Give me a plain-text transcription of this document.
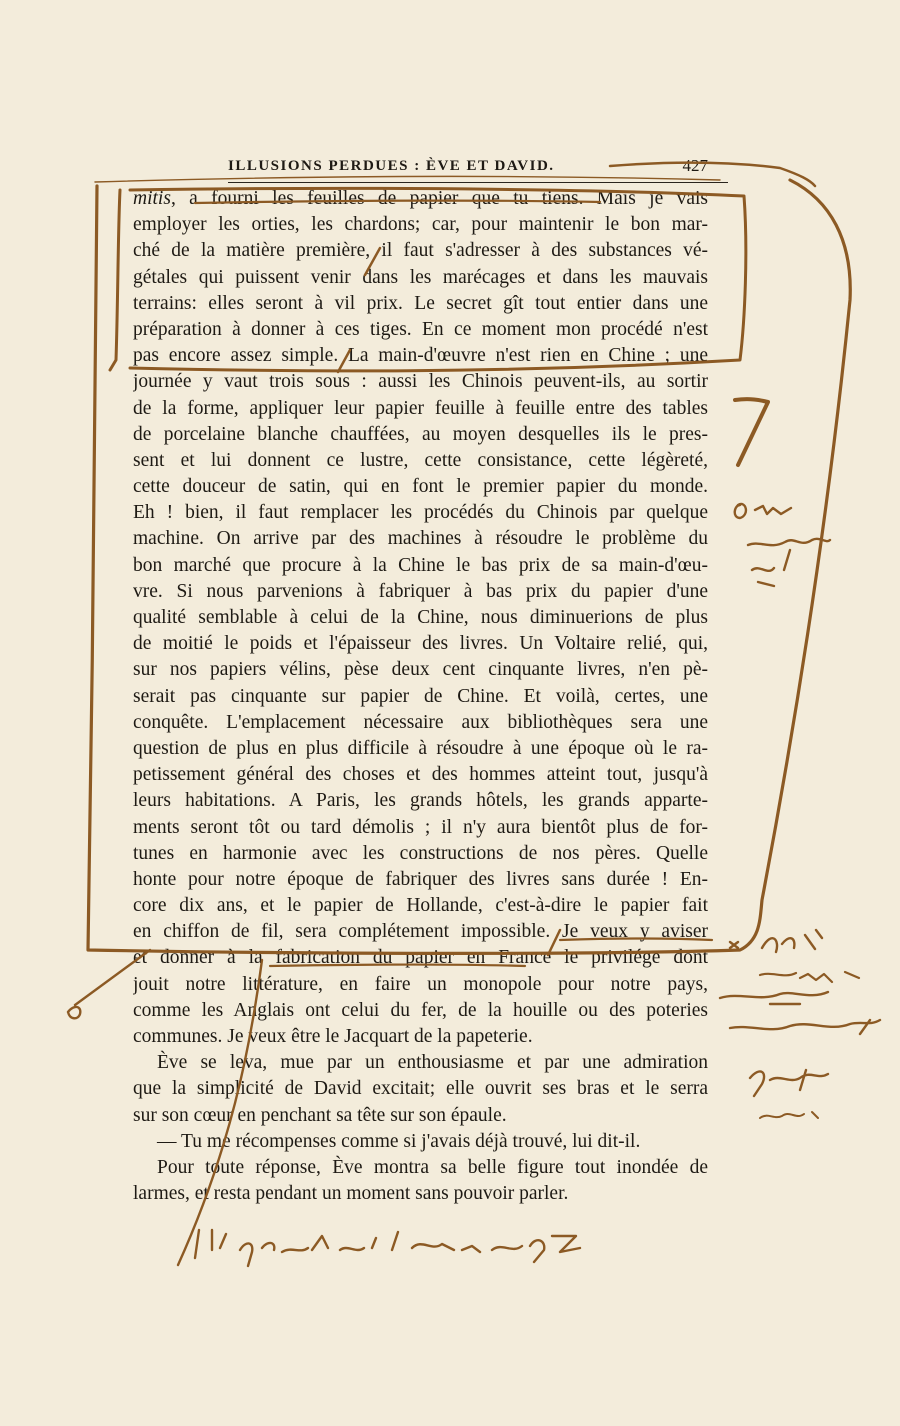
ILLUSIONS PERDUES : ÈVE ET DAVID.	427
mitis, a fourni les feuilles de papier que tu tiens. Mais je vais
employer les orties, les chardons; car, pour maintenir le bon mar-
ché de la matière première, il faut s'adresser à des substances vé-
gétales qui puissent venir dans les marécages et dans les mauvais
terrains: elles seront à vil prix. Le secret gît tout entier dans une
préparation à donner à ces tiges. En ce moment mon procédé n'est
pas encore assez simple. La main-d'œuvre n'est rien en Chine ; une
journée y vaut trois sous : aussi les Chinois peuvent-ils, au sortir
de la forme, appliquer leur papier feuille à feuille entre des tables
de porcelaine blanche chauffées, au moyen desquelles ils le pres-
sent et lui donnent ce lustre, cette consistance, cette légèreté,
cette douceur de satin, qui en font le premier papier du monde.
Eh ! bien, il faut remplacer les procédés du Chinois par quelque
machine. On arrive par des machines à résoudre le problème du
bon marché que procure à la Chine le bas prix de sa main-d'œu-
vre. Si nous parvenions à fabriquer à bas prix du papier d'une
qualité semblable à celui de la Chine, nous diminuerions de plus
de moitié le poids et l'épaisseur des livres. Un Voltaire relié, qui,
sur nos papiers vélins, pèse deux cent cinquante livres, n'en pè-
serait pas cinquante sur papier de Chine. Et voilà, certes, une
conquête. L'emplacement nécessaire aux bibliothèques sera une
question de plus en plus difficile à résoudre à une époque où le ra-
petissement général des choses et des hommes atteint tout, jusqu'à
leurs habitations. A Paris, les grands hôtels, les grands apparte-
ments seront tôt ou tard démolis ; il n'y aura bientôt plus de for-
tunes en harmonie avec les constructions de nos pères. Quelle
honte pour notre époque de fabriquer des livres sans durée ! En-
core dix ans, et le papier de Hollande, c'est-à-dire le papier fait
en chiffon de fil, sera complétement impossible. Je veux y aviser
et donner à la fabrication du papier en France le privilége dont
jouit notre littérature, en faire un monopole pour notre pays,
comme les Anglais ont celui du fer, de la houille ou des poteries
communes. Je veux être le Jacquart de la papeterie.
Ève se leva, mue par un enthousiasme et par une admiration
que la simplicité de David excitait; elle ouvrit ses bras et le serra
sur son cœur en penchant sa tête sur son épaule.
— Tu me récompenses comme si j'avais déjà trouvé, lui dit-il.
Pour toute réponse, Ève montra sa belle figure tout inondée de
larmes, et resta pendant un moment sans pouvoir parler.
